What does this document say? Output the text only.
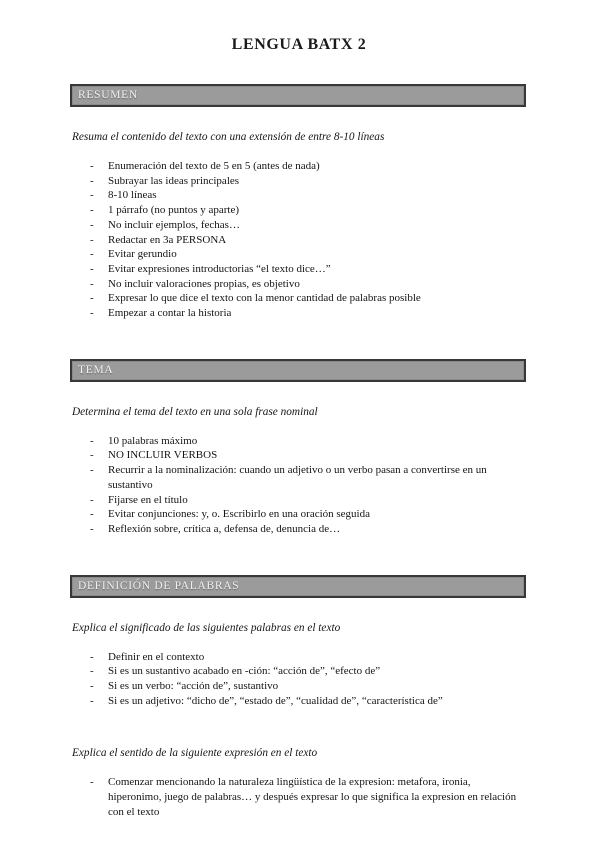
LENGUA BATX 2
RESUMEN

Resuma el contenido del texto con una extensión de entre 8-10 líneas

-	Enumeración del texto de 5 en 5 (antes de nada)
-	Subrayar las ideas principales
-	8-10 líneas
-	1 párrafo (no puntos y aparte)
-	No incluir ejemplos, fechas…
-	Redactar en 3a PERSONA
-	Evitar gerundio
-	Evitar expresiones introductorias “el texto dice…”
-	No incluir valoraciones propias, es objetivo
-	Expresar lo que dice el texto con la menor cantidad de palabras posible
-	Empezar a contar la historia
TEMA

Determina el tema del texto en una sola frase nominal

-	10 palabras máximo
-	NO INCLUIR VERBOS
-	Recurrir a la nominalización: cuando un adjetivo o un verbo pasan a convertirse en un sustantivo
-	Fijarse en el título
-	Evitar conjunciones: y, o. Escribirlo en una oración seguida
-	Reflexión sobre, crítica a, defensa de, denuncia de…
DEFINICIÓN DE PALABRAS

Explica el significado de las siguientes palabras en el texto

-	Definir en el contexto
-	Si es un sustantivo acabado en -ción: “acción de”, “efecto de”
-	Si es un verbo: “acción de”, sustantivo
-	Si es un adjetivo: “dicho de”, “estado de”, “cualidad de”, “característica de”

Explica el sentido de la siguiente expresión en el texto

-	Comenzar mencionando la naturaleza lingüística de la expresion: metafora, ironia, hiperonimo, juego de palabras… y después expresar lo que significa la expresion en relación con el texto
